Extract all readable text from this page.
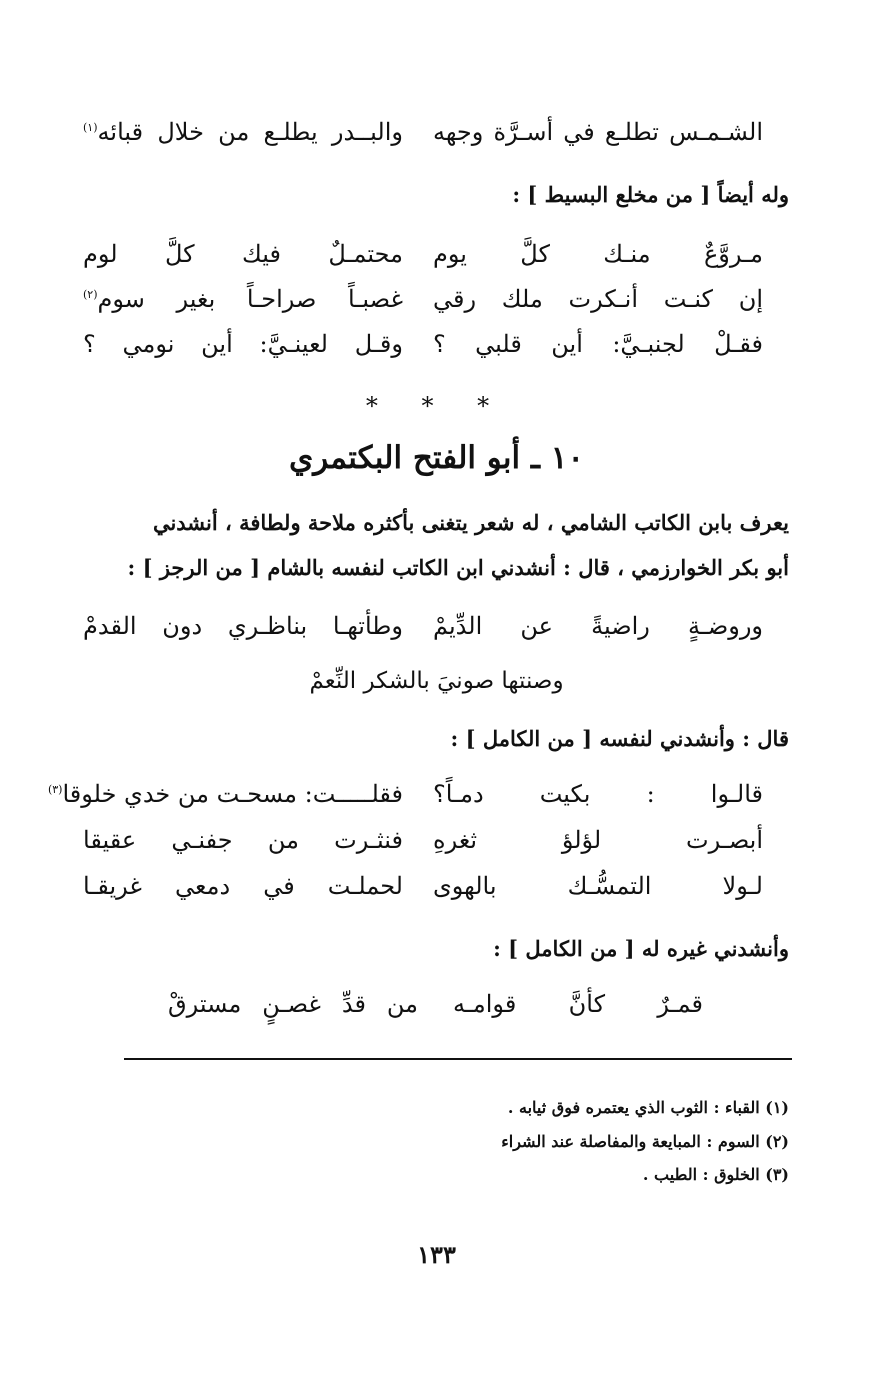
الشـمـس تطلـع في أسـرَّة وجهه
والبــدر يطلـع من خلال قبائه$^{(١)}$
وله أيضاً [ من مخلع البسيط ] :
مـروَّعٌ منـك كلَّ يوم
محتمـلٌ فيك كلَّ لوم
إن كنـت أنـكرت ملك رقي
غصبـاً صراحـاً بغير سوم$^{(٢)}$
فقـلْ لجنبـيَّ: أين قلبي ؟
وقـل لعينـيَّ: أين نومي ؟
* * *
١٠ ـ أبو الفتح البكتمري
يعرف بابن الكاتب الشامي ، له شعر يتغنى بأكثره ملاحة ولطافة ، أنشدني
أبو بكر الخوارزمي ، قال : أنشدني ابن الكاتب لنفسه بالشام [ من الرجز ] :
وروضـةٍ راضيةً عن الدِّيمْ
وطأتهـا بناظـري دون القدمْ
وصنتها صونيَ بالشكر النِّعمْ
قال : وأنشدني لنفسه [ من الكامل ] :
قالـوا : بكيت دمـاً؟
فقلـــــت: مسحـت من خدي خلوقا$^{(٣)}$
أبصـرت لؤلؤ ثغرهِ
فنثـرت من جفنـي عقيقا
لـولا التمسُّـك بالهوى
لحملـت في دمعي غريقـا
وأنشدني غيره له [ من الكامل ] :
قمـرٌ كأنَّ قوامـه
من قدِّ غصـنٍ مسترقْ
(١) القباء : الثوب الذي يعتمره فوق ثيابه .
(٢) السوم : المبايعة والمفاصلة عند الشراء
(٣) الخلوق : الطيب .
١٣٣
